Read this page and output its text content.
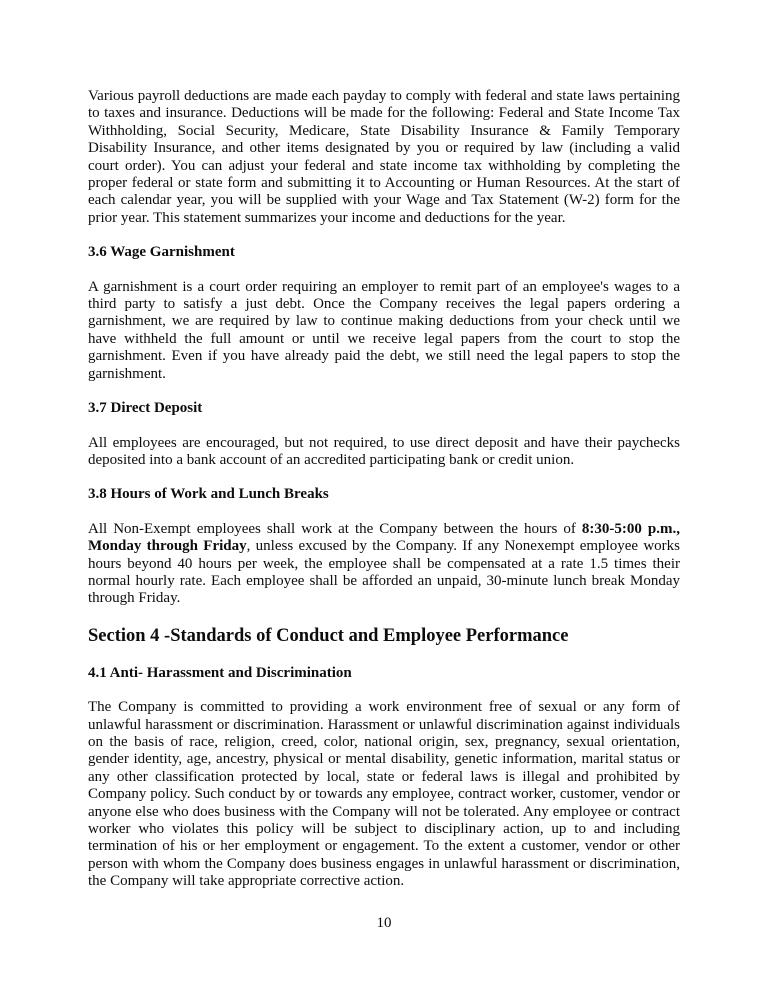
Various payroll deductions are made each payday to comply with federal and state laws pertaining to taxes and insurance. Deductions will be made for the following: Federal and State Income Tax Withholding, Social Security, Medicare, State Disability Insurance & Family Temporary Disability Insurance, and other items designated by you or required by law (including a valid court order). You can adjust your federal and state income tax withholding by completing the proper federal or state form and submitting it to Accounting or Human Resources. At the start of each calendar year, you will be supplied with your Wage and Tax Statement (W-2) form for the prior year. This statement summarizes your income and deductions for the year.

3.6 Wage Garnishment

A garnishment is a court order requiring an employer to remit part of an employee's wages to a third party to satisfy a just debt. Once the Company receives the legal papers ordering a garnishment, we are required by law to continue making deductions from your check until we have withheld the full amount or until we receive legal papers from the court to stop the garnishment. Even if you have already paid the debt, we still need the legal papers to stop the garnishment.

3.7 Direct Deposit

All employees are encouraged, but not required, to use direct deposit and have their paychecks deposited into a bank account of an accredited participating bank or credit union.

3.8 Hours of Work and Lunch Breaks

All Non-Exempt employees shall work at the Company between the hours of 8:30-5:00 p.m., Monday through Friday, unless excused by the Company. If any Nonexempt employee works hours beyond 40 hours per week, the employee shall be compensated at a rate 1.5 times their normal hourly rate. Each employee shall be afforded an unpaid, 30-minute lunch break Monday through Friday.

Section 4 -Standards of Conduct and Employee Performance
4.1 Anti- Harassment and Discrimination

The Company is committed to providing a work environment free of sexual or any form of unlawful harassment or discrimination. Harassment or unlawful discrimination against individuals on the basis of race, religion, creed, color, national origin, sex, pregnancy, sexual orientation, gender identity, age, ancestry, physical or mental disability, genetic information, marital status or any other classification protected by local, state or federal laws is illegal and prohibited by Company policy. Such conduct by or towards any employee, contract worker, customer, vendor or anyone else who does business with the Company will not be tolerated. Any employee or contract worker who violates this policy will be subject to disciplinary action, up to and including termination of his or her employment or engagement. To the extent a customer, vendor or other person with whom the Company does business engages in unlawful harassment or discrimination, the Company will take appropriate corrective action.

10
